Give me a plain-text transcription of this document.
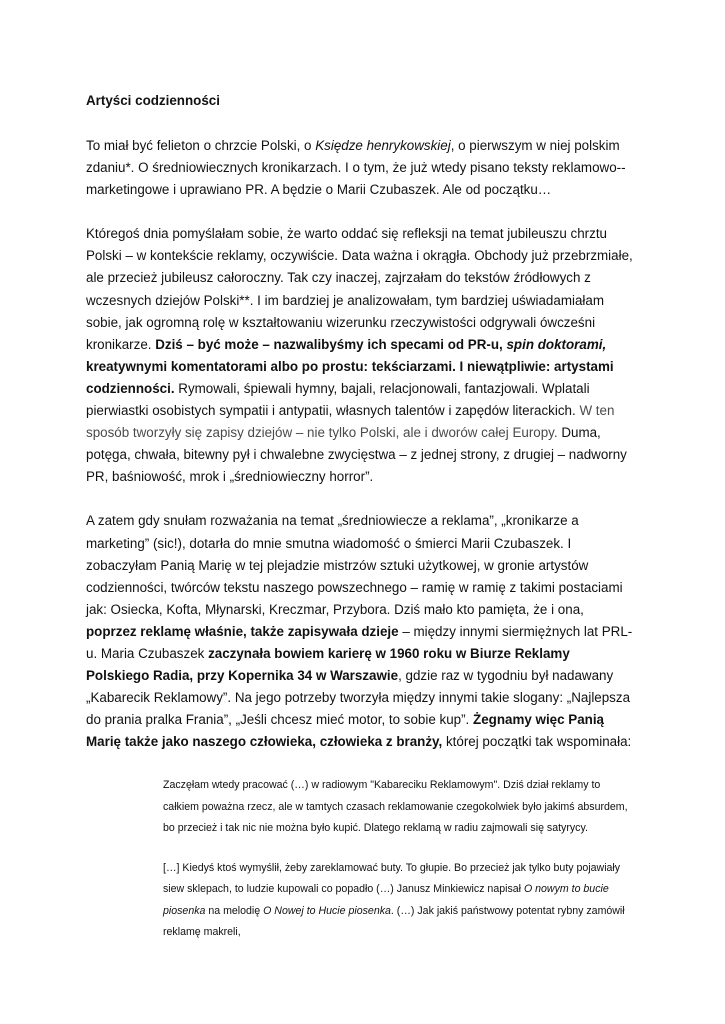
Artyści codzienności

To miał być felieton o chrzcie Polski, o Księdze henrykowskiej, o pierwszym w niej polskim zdaniu*. O średniowiecznych kronikarzach. I o tym, że już wtedy pisano teksty reklamowo--marketingowe i uprawiano PR. A będzie o Marii Czubaszek. Ale od początku…

Któregoś dnia pomyślałam sobie, że warto oddać się refleksji na temat jubileuszu chrztu Polski – w kontekście reklamy, oczywiście. Data ważna i okrągła. Obchody już przebrzmiałe, ale przecież jubileusz całoroczny. Tak czy inaczej, zajrzałam do tekstów źródłowych z wczesnych dziejów Polski**. I im bardziej je analizowałam, tym bardziej uświadamiałam sobie, jak ogromną rolę w kształtowaniu wizerunku rzeczywistości odgrywali ówcześni kronikarze. Dziś – być może – nazwalibyśmy ich specami od PR-u, spin doktorami, kreatywnymi komentatorami albo po prostu: tekściarzami. I niewątpliwie: artystami codzienności. Rymowali, śpiewali hymny, bajali, relacjonowali, fantazjowali. Wplatali pierwiastki osobistych sympatii i antypatii, własnych talentów i zapędów literackich. W ten sposób tworzyły się zapisy dziejów – nie tylko Polski, ale i dworów całej Europy. Duma, potęga, chwała, bitewny pył i chwalebne zwycięstwa – z jednej strony, z drugiej – nadworny PR, baśniowość, mrok i „średniowieczny horror”.

A zatem gdy snułam rozważania na temat „średniowiecze a reklama”, „kronikarze a marketing” (sic!), dotarła do mnie smutna wiadomość o śmierci Marii Czubaszek. I zobaczyłam Panią Marię w tej plejadzie mistrzów sztuki użytkowej, w gronie artystów codzienności, twórców tekstu naszego powszechnego – ramię w ramię z takimi postaciami jak: Osiecka, Kofta, Młynarski, Kreczmar, Przybora. Dziś mało kto pamięta, że i ona, poprzez reklamę właśnie, także zapisywała dzieje – między innymi siermiężnych lat PRL-u. Maria Czubaszek zaczynała bowiem karierę w 1960 roku w Biurze Reklamy Polskiego Radia, przy Kopernika 34 w Warszawie, gdzie raz w tygodniu był nadawany „Kabarecik Reklamowy”. Na jego potrzeby tworzyła między innymi takie slogany: „Najlepsza do prania pralka Frania”, „Jeśli chcesz mieć motor, to sobie kup”. Żegnamy więc Panią Marię także jako naszego człowieka, człowieka z branży, której początki tak wspominała:

Zaczęłam wtedy pracować (…) w radiowym "Kabareciku Reklamowym". Dziś dział reklamy to całkiem poważna rzecz, ale w tamtych czasach reklamowanie czegokolwiek było jakimś absurdem, bo przecież i tak nic nie można było kupić. Dlatego reklamą w radiu zajmowali się satyrycy.

[…] Kiedyś ktoś wymyślił, żeby zareklamować buty. To głupie. Bo przecież jak tylko buty pojawiały siew sklepach, to ludzie kupowali co popadło (…) Janusz Minkiewicz napisał O nowym to bucie piosenka na melodię O Nowej to Hucie piosenka. (…) Jak jakiś państwowy potentat rybny zamówił reklamę makreli,
